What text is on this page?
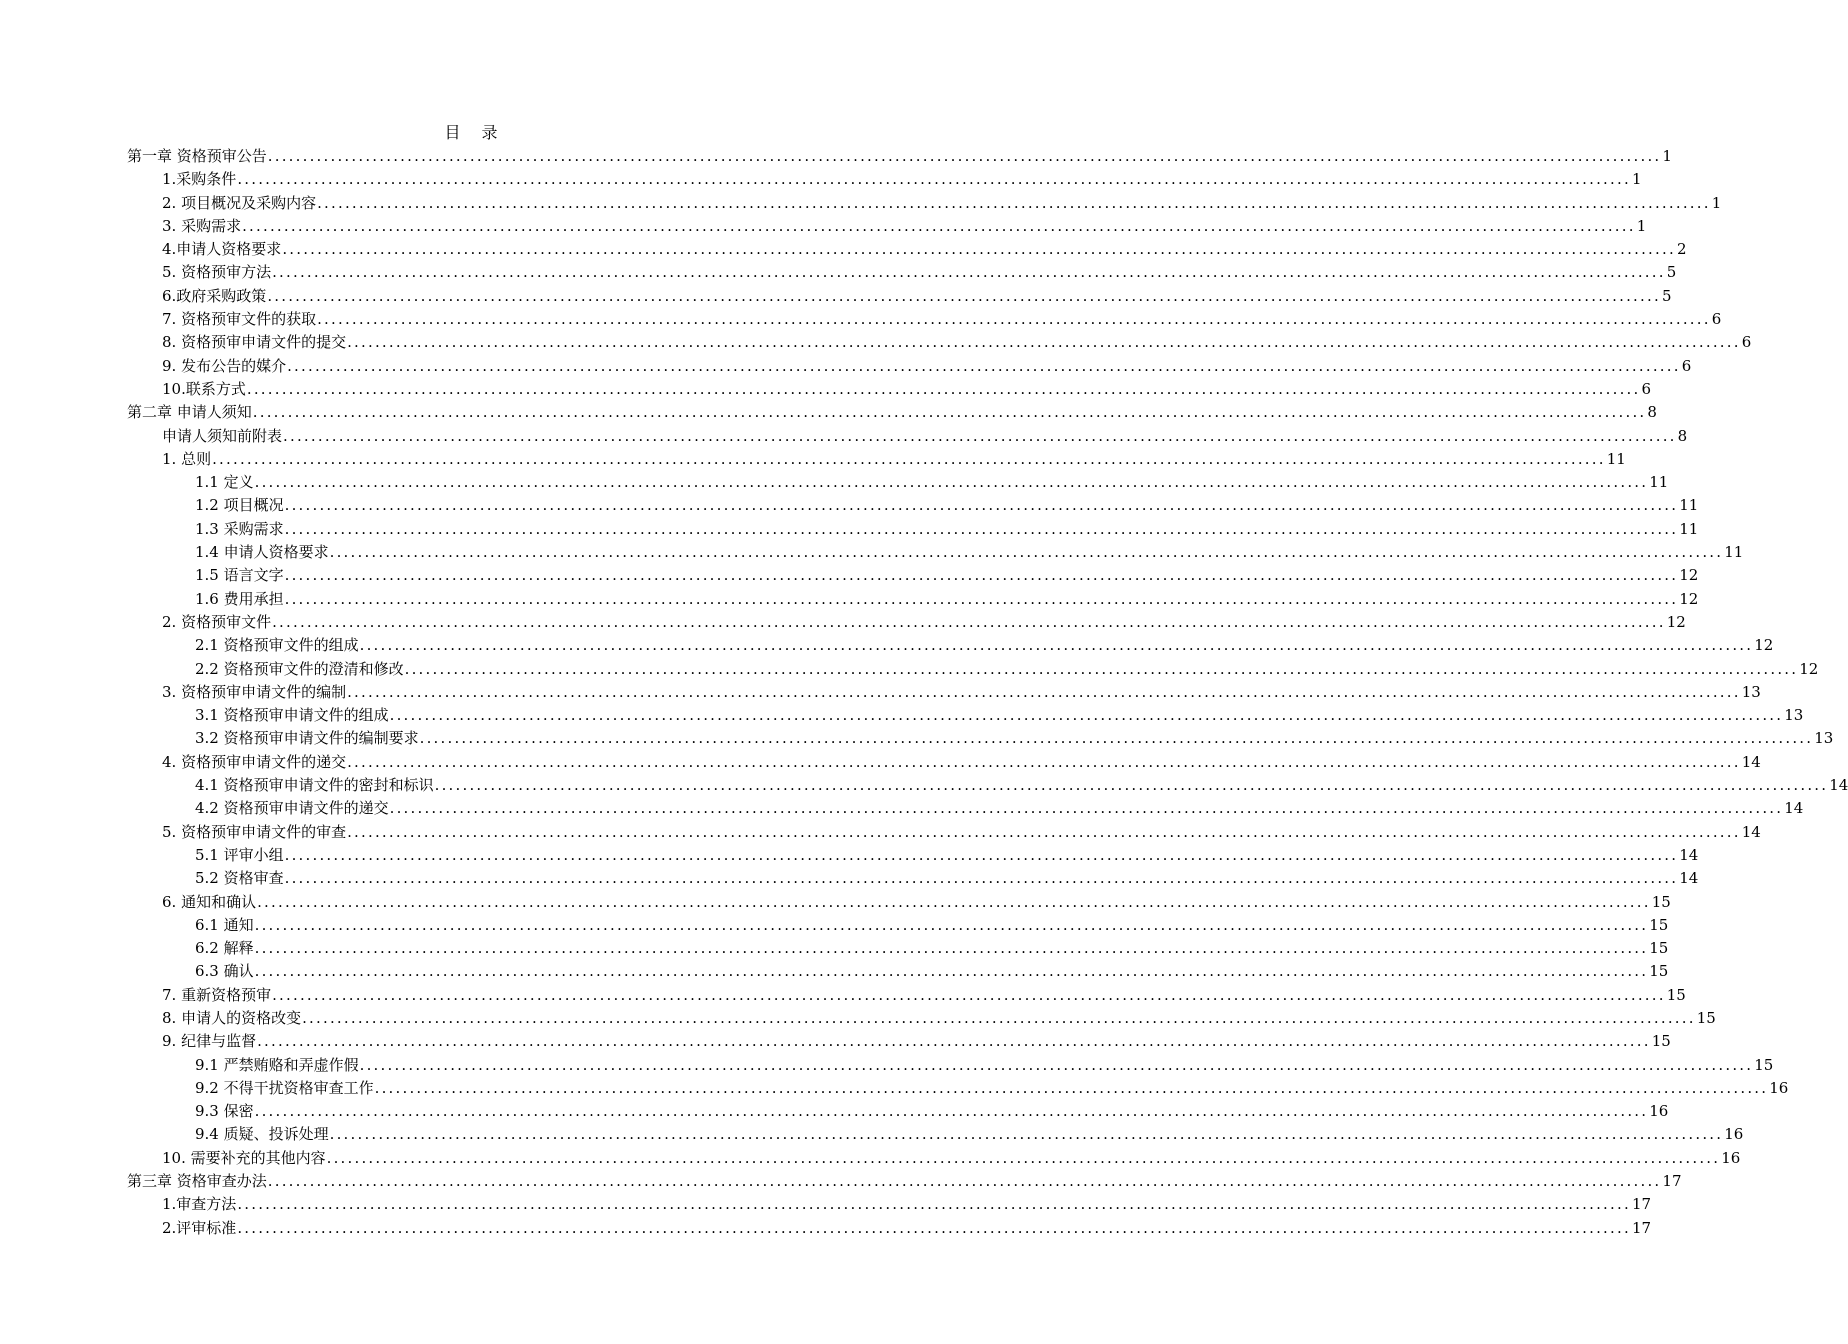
目 录
第一章 资格预审公告 ........................................................................................................................................................................................................ 1
1.采购条件 ........................................................................................................................................................................................................ 1
2. 项目概况及采购内容 ........................................................................................................................................................................................................ 1
3. 采购需求 ........................................................................................................................................................................................................ 1
4.申请人资格要求 ........................................................................................................................................................................................................ 2
5. 资格预审方法 ........................................................................................................................................................................................................ 5
6.政府采购政策 ........................................................................................................................................................................................................ 5
7. 资格预审文件的获取 ........................................................................................................................................................................................................ 6
8. 资格预审申请文件的提交 ........................................................................................................................................................................................................ 6
9. 发布公告的媒介 ........................................................................................................................................................................................................ 6
10.联系方式 ........................................................................................................................................................................................................ 6
第二章 申请人须知 ........................................................................................................................................................................................................ 8
申请人须知前附表 ........................................................................................................................................................................................................ 8
1. 总则 ........................................................................................................................................................................................................ 11
1.1 定义 ........................................................................................................................................................................................................ 11
1.2 项目概况 ........................................................................................................................................................................................................ 11
1.3 采购需求 ........................................................................................................................................................................................................ 11
1.4 申请人资格要求 ........................................................................................................................................................................................................ 11
1.5 语言文字 ........................................................................................................................................................................................................ 12
1.6 费用承担 ........................................................................................................................................................................................................ 12
2. 资格预审文件 ........................................................................................................................................................................................................ 12
2.1 资格预审文件的组成 ........................................................................................................................................................................................................ 12
2.2 资格预审文件的澄清和修改 ........................................................................................................................................................................................................ 12
3. 资格预审申请文件的编制 ........................................................................................................................................................................................................ 13
3.1 资格预审申请文件的组成 ........................................................................................................................................................................................................ 13
3.2 资格预审申请文件的编制要求 ........................................................................................................................................................................................................ 13
4. 资格预审申请文件的递交 ........................................................................................................................................................................................................ 14
4.1 资格预审申请文件的密封和标识 ........................................................................................................................................................................................................ 14
4.2 资格预审申请文件的递交 ........................................................................................................................................................................................................ 14
5. 资格预审申请文件的审查 ........................................................................................................................................................................................................ 14
5.1 评审小组 ........................................................................................................................................................................................................ 14
5.2 资格审查 ........................................................................................................................................................................................................ 14
6. 通知和确认 ........................................................................................................................................................................................................ 15
6.1 通知 ........................................................................................................................................................................................................ 15
6.2 解释 ........................................................................................................................................................................................................ 15
6.3 确认 ........................................................................................................................................................................................................ 15
7. 重新资格预审 ........................................................................................................................................................................................................ 15
8. 申请人的资格改变 ........................................................................................................................................................................................................ 15
9. 纪律与监督 ........................................................................................................................................................................................................ 15
9.1 严禁贿赂和弄虚作假 ........................................................................................................................................................................................................ 15
9.2 不得干扰资格审查工作 ........................................................................................................................................................................................................ 16
9.3 保密 ........................................................................................................................................................................................................ 16
9.4 质疑、投诉处理 ........................................................................................................................................................................................................ 16
10. 需要补充的其他内容 ........................................................................................................................................................................................................ 16
第三章 资格审查办法 ........................................................................................................................................................................................................ 17
1.审查方法 ........................................................................................................................................................................................................ 17
2.评审标准 ........................................................................................................................................................................................................ 17
